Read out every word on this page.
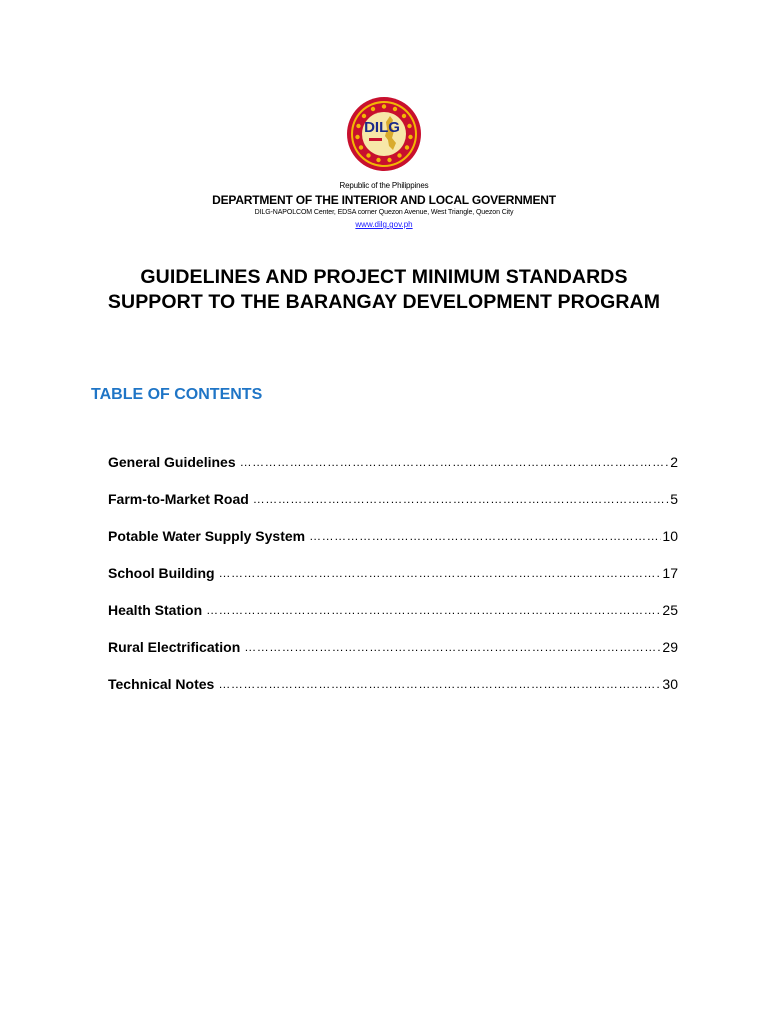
DILG
Republic of the Philippines
DEPARTMENT OF THE INTERIOR AND LOCAL GOVERNMENT
DILG-NAPOLCOM Center, EDSA corner Quezon Avenue, West Triangle, Quezon City
www.dilg.gov.ph
GUIDELINES AND PROJECT MINIMUM STANDARDS
SUPPORT TO THE BARANGAY DEVELOPMENT PROGRAM
TABLE OF CONTENTS
General Guidelines …………………………………………………………………………………………………………………………………………	2
Farm-to-Market Road …………………………………………………………………………………………………………………………………………	5
Potable Water Supply System …………………………………………………………………………………………………………………………………………	10
School Building …………………………………………………………………………………………………………………………………………	17
Health Station …………………………………………………………………………………………………………………………………………	25
Rural Electrification …………………………………………………………………………………………………………………………………………	29
Technical Notes …………………………………………………………………………………………………………………………………………	30
